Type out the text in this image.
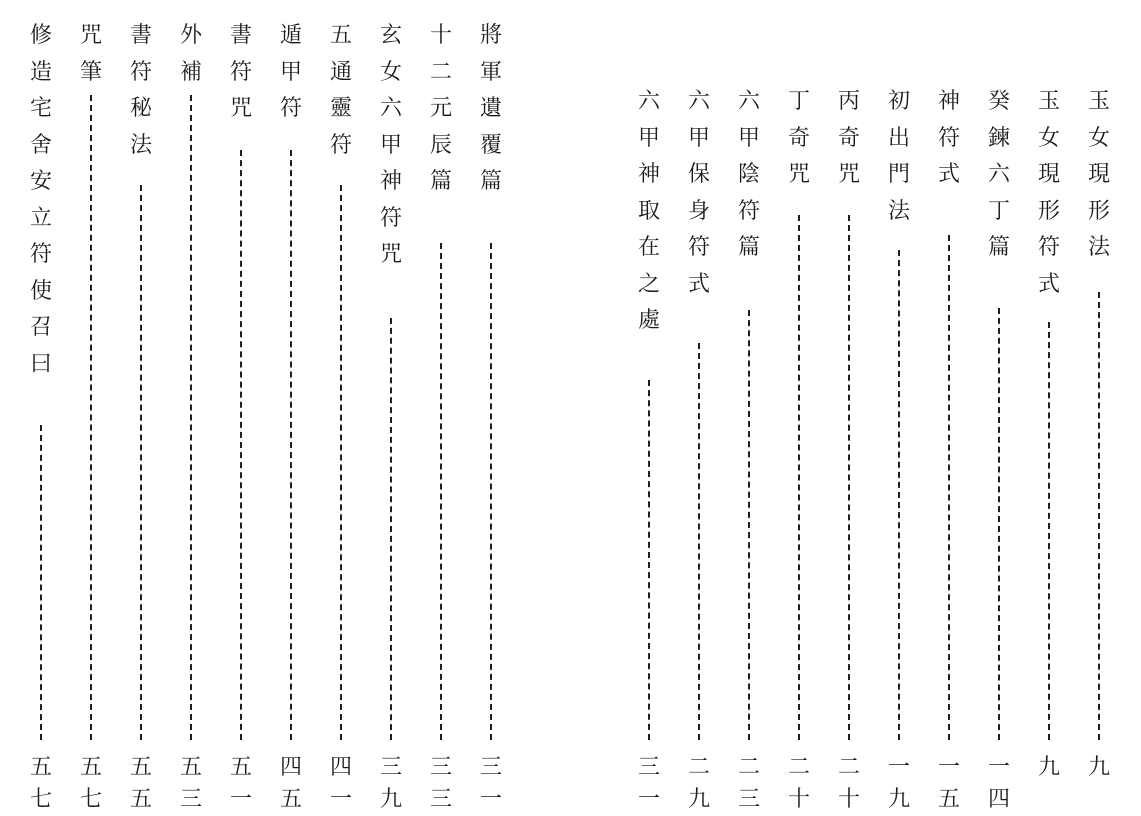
修
造
宅
舍
安
立
符
使
召
曰
五
七
咒
筆
五
七
書
符
秘
法
五
五
外
補
五
三
書
符
咒
五
一
遁
甲
符
四
五
五
通
靈
符
四
一
玄
女
六
甲
神
符
咒
三
九
十
二
元
辰
篇
三
三
將
軍
遺
覆
篇
三
一
六
甲
神
取
在
之
處
三
一
六
甲
保
身
符
式
二
九
六
甲
陰
符
篇
二
三
丁
奇
咒
二
十
丙
奇
咒
二
十
初
出
門
法
一
九
神
符
式
一
五
癸
鍊
六
丁
篇
一
四
玉
女
現
形
符
式
九
玉
女
現
形
法
九
